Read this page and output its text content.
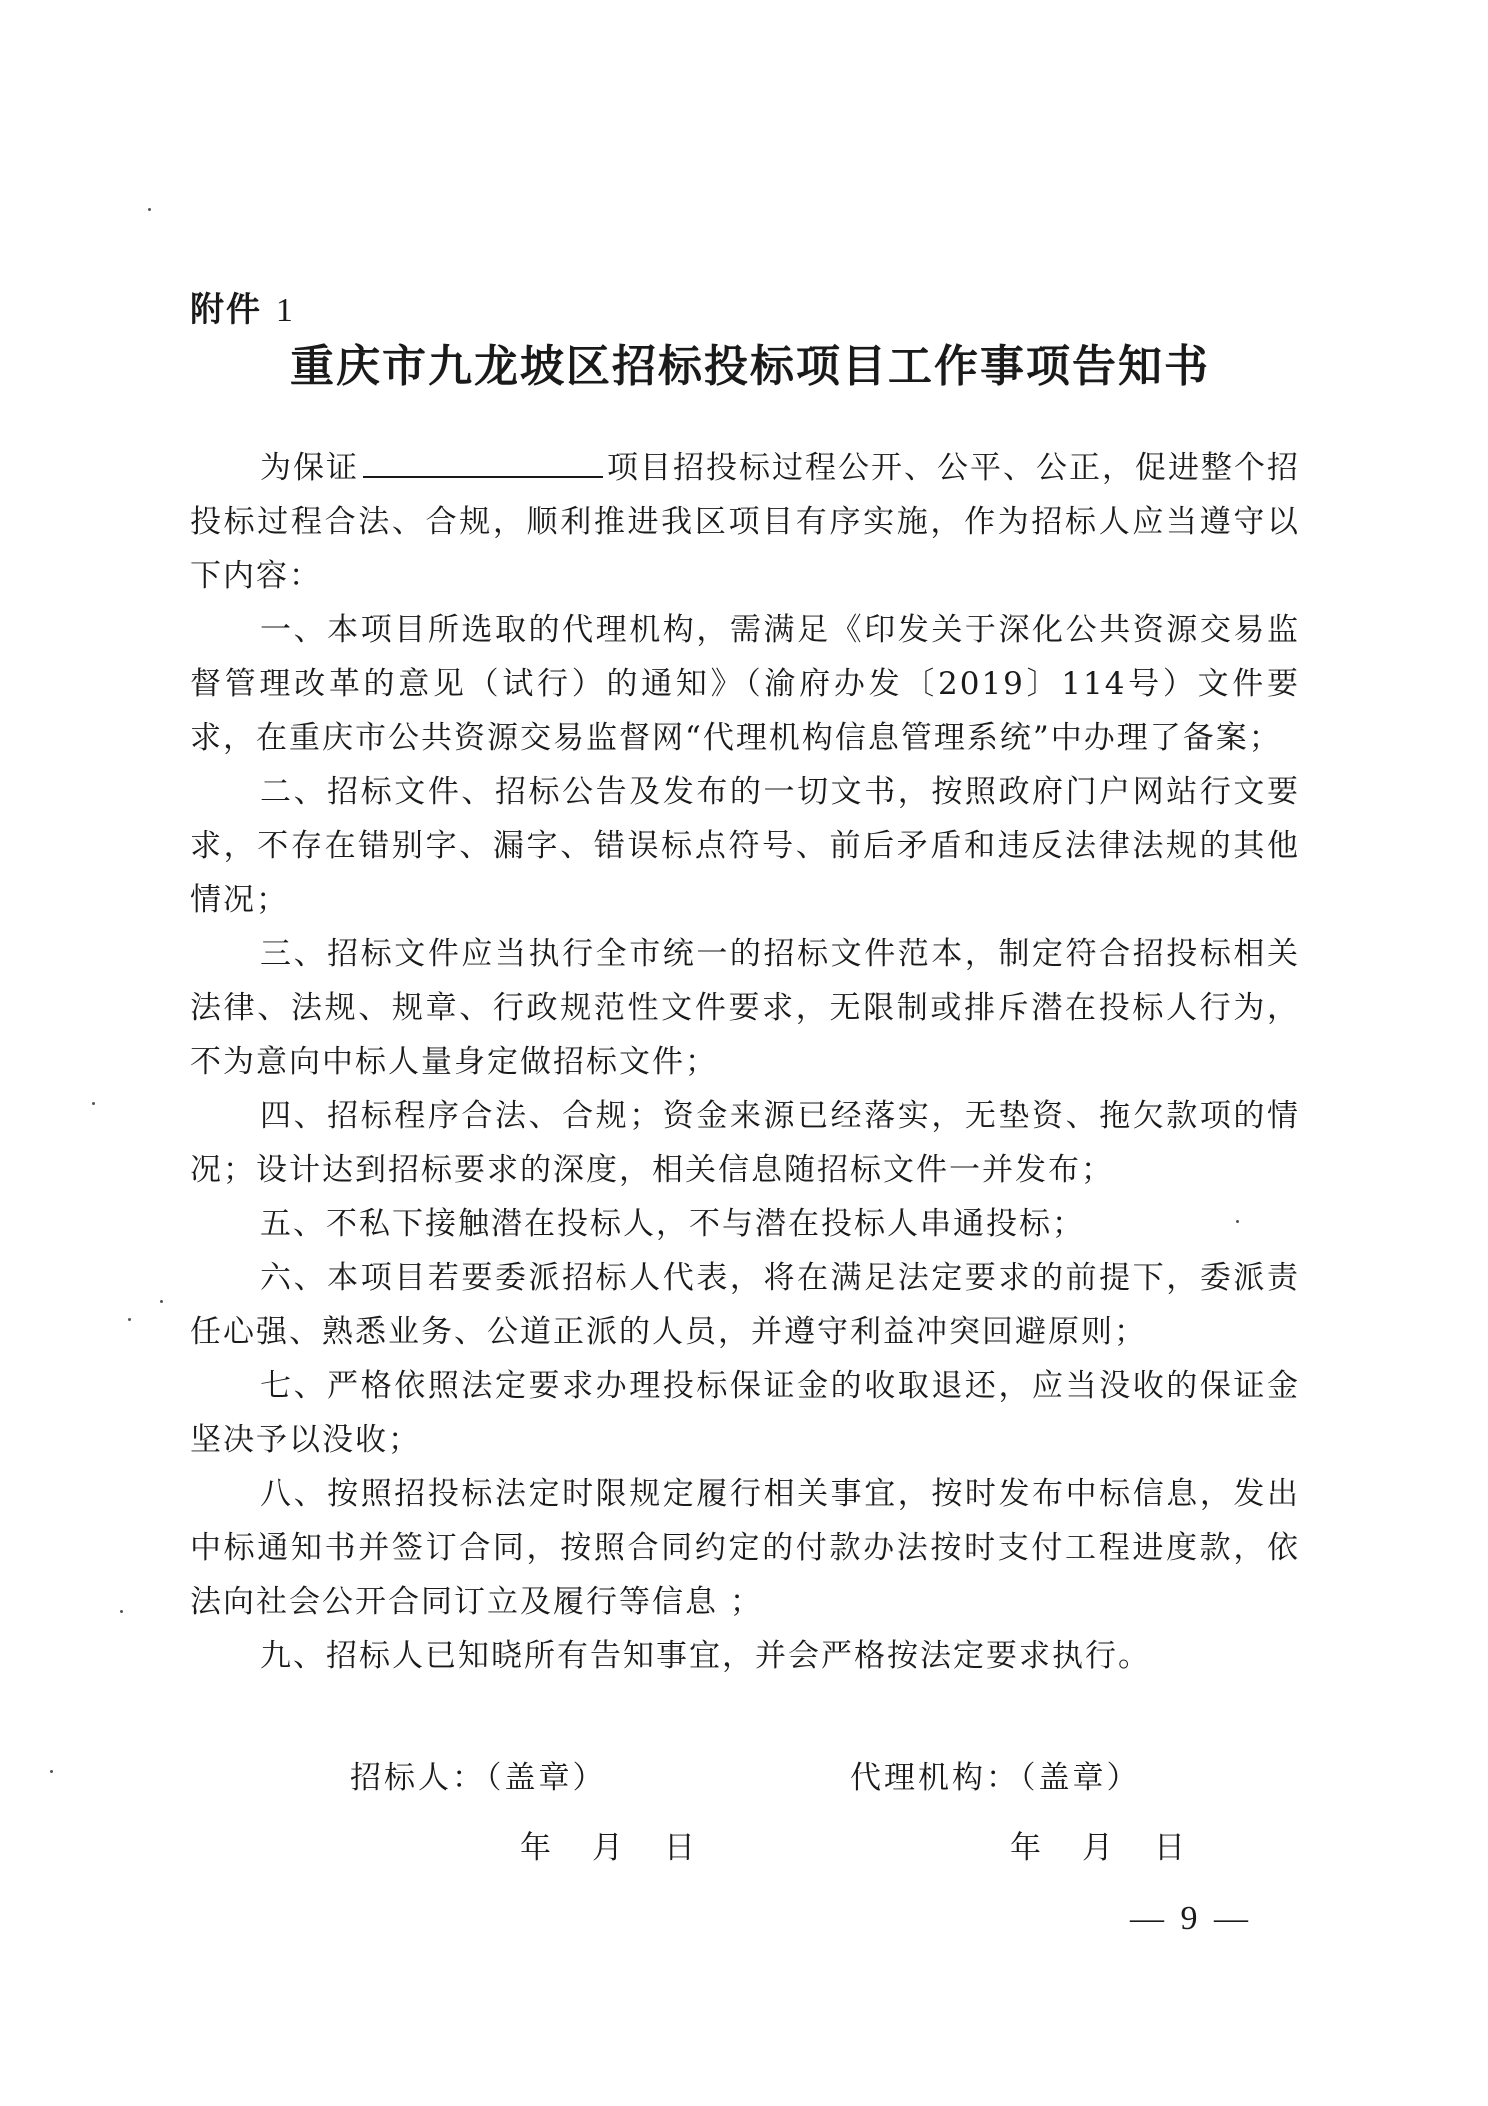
附件 1
重庆市九龙坡区招标投标项目工作事项告知书

为保证	项目招投标过程公开、公平、公正，促进整个招投标过程合法、合规，顺利推进我区项目有序实施，作为招标人应当遵守以下内容：

一、本项目所选取的代理机构，需满足《印发关于深化公共资源交易监督管理改革的意见（试行）的通知》（渝府办发〔2019〕114号）文件要求，在重庆市公共资源交易监督网“代理机构信息管理系统”中办理了备案；

二、招标文件、招标公告及发布的一切文书，按照政府门户网站行文要求，不存在错别字、漏字、错误标点符号、前后矛盾和违反法律法规的其他情况；

三、招标文件应当执行全市统一的招标文件范本，制定符合招投标相关法律、法规、规章、行政规范性文件要求，无限制或排斥潜在投标人行为，不为意向中标人量身定做招标文件；

四、招标程序合法、合规；资金来源已经落实，无垫资、拖欠款项的情况；设计达到招标要求的深度，相关信息随招标文件一并发布；

五、不私下接触潜在投标人，不与潜在投标人串通投标；

六、本项目若要委派招标人代表，将在满足法定要求的前提下，委派责任心强、熟悉业务、公道正派的人员，并遵守利益冲突回避原则；

七、严格依照法定要求办理投标保证金的收取退还，应当没收的保证金坚决予以没收；

八、按照招投标法定时限规定履行相关事宜，按时发布中标信息，发出中标通知书并签订合同，按照合同约定的付款办法按时支付工程进度款，依法向社会公开合同订立及履行等信息 ；

九、招标人已知晓所有告知事宜，并会严格按法定要求执行。

招标人：（盖章）	代理机构：（盖章）
年 月 日	年 月 日
— 9 —
